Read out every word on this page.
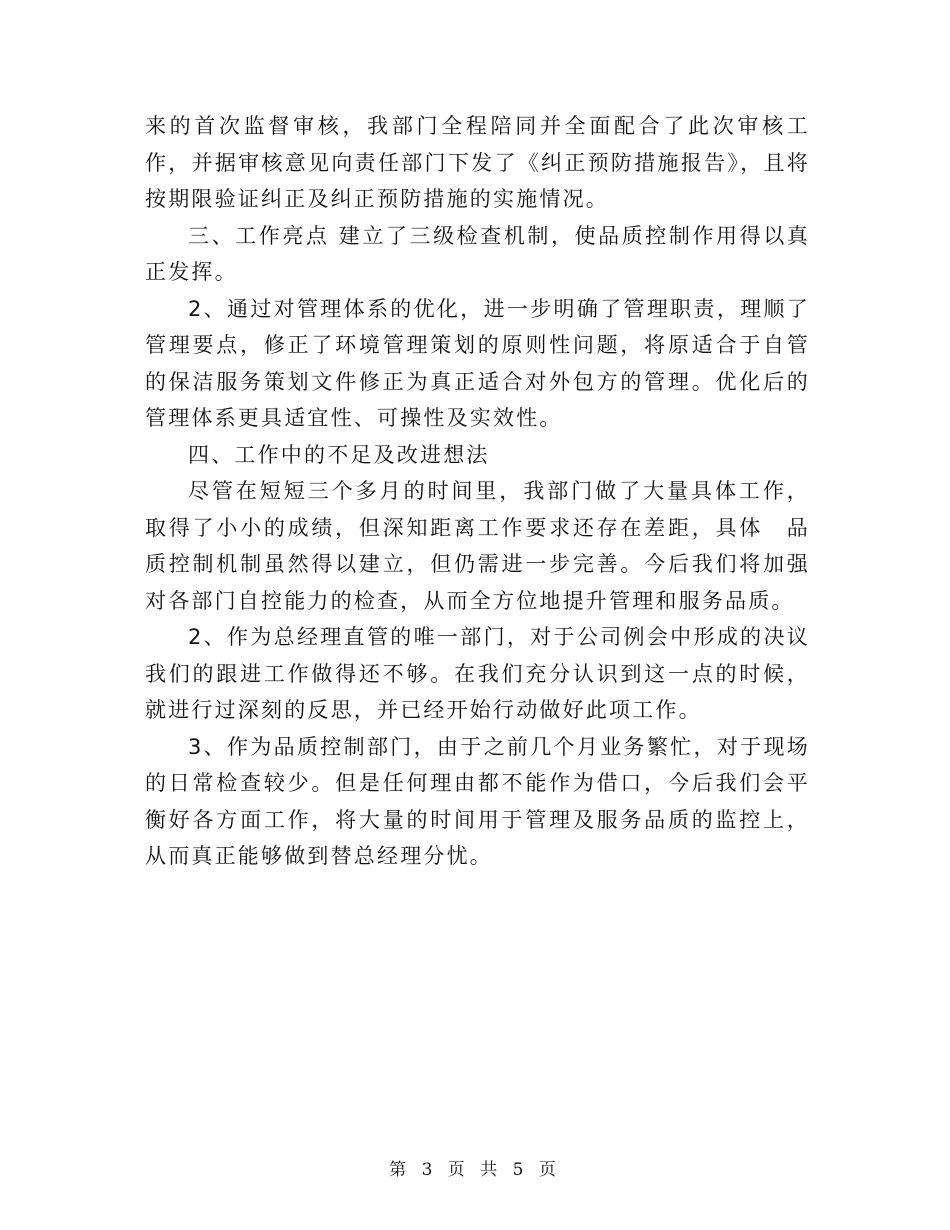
来的首次监督审核，我部门全程陪同并全面配合了此次审核工作，并据审核意见向责任部门下发了《纠正预防措施报告》，且将按期限验证纠正及纠正预防措施的实施情况。

三、工作亮点 建立了三级检查机制，使品质控制作用得以真正发挥。

2、通过对管理体系的优化，进一步明确了管理职责，理顺了管理要点，修正了环境管理策划的原则性问题，将原适合于自管的保洁服务策划文件修正为真正适合对外包方的管理。优化后的管理体系更具适宜性、可操性及实效性。

四、工作中的不足及改进想法

尽管在短短三个多月的时间里，我部门做了大量具体工作，取得了小小的成绩，但深知距离工作要求还存在差距，具体　品质控制机制虽然得以建立，但仍需进一步完善。今后我们将加强对各部门自控能力的检查，从而全方位地提升管理和服务品质。

2、作为总经理直管的唯一部门，对于公司例会中形成的决议我们的跟进工作做得还不够。在我们充分认识到这一点的时候，就进行过深刻的反思，并已经开始行动做好此项工作。

3、作为品质控制部门，由于之前几个月业务繁忙，对于现场的日常检查较少。但是任何理由都不能作为借口，今后我们会平衡好各方面工作，将大量的时间用于管理及服务品质的监控上，从而真正能够做到替总经理分忧。

第 3 页 共 5 页
